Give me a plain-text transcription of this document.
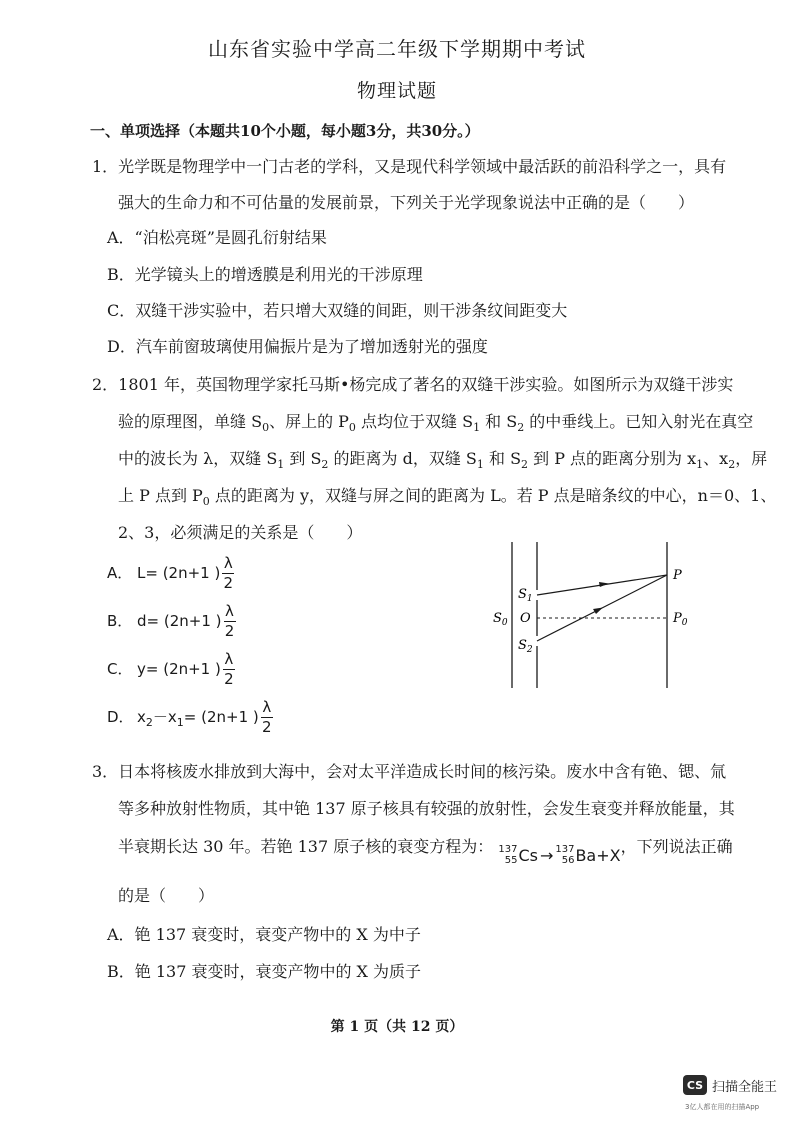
山东省实验中学高二年级下学期期中考试
物理试题
一、单项选择（本题共10个小题，每小题3分，共30分。）
1．光学既是物理学中一门古老的学科，又是现代科学领域中最活跃的前沿科学之一，具有
强大的生命力和不可估量的发展前景，下列关于光学现象说法中正确的是（　　）
A．“泊松亮斑”是圆孔衍射结果
B．光学镜头上的增透膜是利用光的干涉原理
C．双缝干涉实验中，若只增大双缝的间距，则干涉条纹间距变大
D．汽车前窗玻璃使用偏振片是为了增加透射光的强度
2．1801 年，英国物理学家托马斯•杨完成了著名的双缝干涉实验。如图所示为双缝干涉实
验的原理图，单缝 $S_0$、屏上的 $P_0$ 点均位于双缝 $S_1$ 和 $S_2$ 的中垂线上。已知入射光在真空
中的波长为 λ，双缝 $S_1$ 到 $S_2$ 的距离为 d，双缝 $S_1$ 和 $S_2$ 到 P 点的距离分别为 $x_1$、$x_2$，屏
上 P 点到 $P_0$ 点的距离为 y，双缝与屏之间的距离为 L。若 P 点是暗条纹的中心，n＝0、1、
2、3，必须满足的关系是（　　）
A． L= (2n+1 ) $\frac{\lambda}{2}$
B． d= (2n+1 ) $\frac{\lambda}{2}$
C． y= (2n+1 ) $\frac{\lambda}{2}$
D． $x_2-x_1= (2n+1$ ) $\frac{\lambda}{2}$
P
$P_0$
$S_0$ O
$S_1$
$S_2$
3．日本将核废水排放到大海中，会对太平洋造成长时间的核污染。废水中含有铯、锶、氚
等多种放射性物质，其中铯 137 原子核具有较强的放射性，会发生衰变并释放能量，其
半衰期长达 30 年。若铯 137 原子核的衰变方程为： 137
55 Cs → 137
56 Ba +X ，下列说法正确
的是（　　）
A．铯 137 衰变时，衰变产物中的 X 为中子
B．铯 137 衰变时，衰变产物中的 X 为质子
第 1 页（共 12 页）
CS 扫描全能王
3亿人都在用的扫描App
